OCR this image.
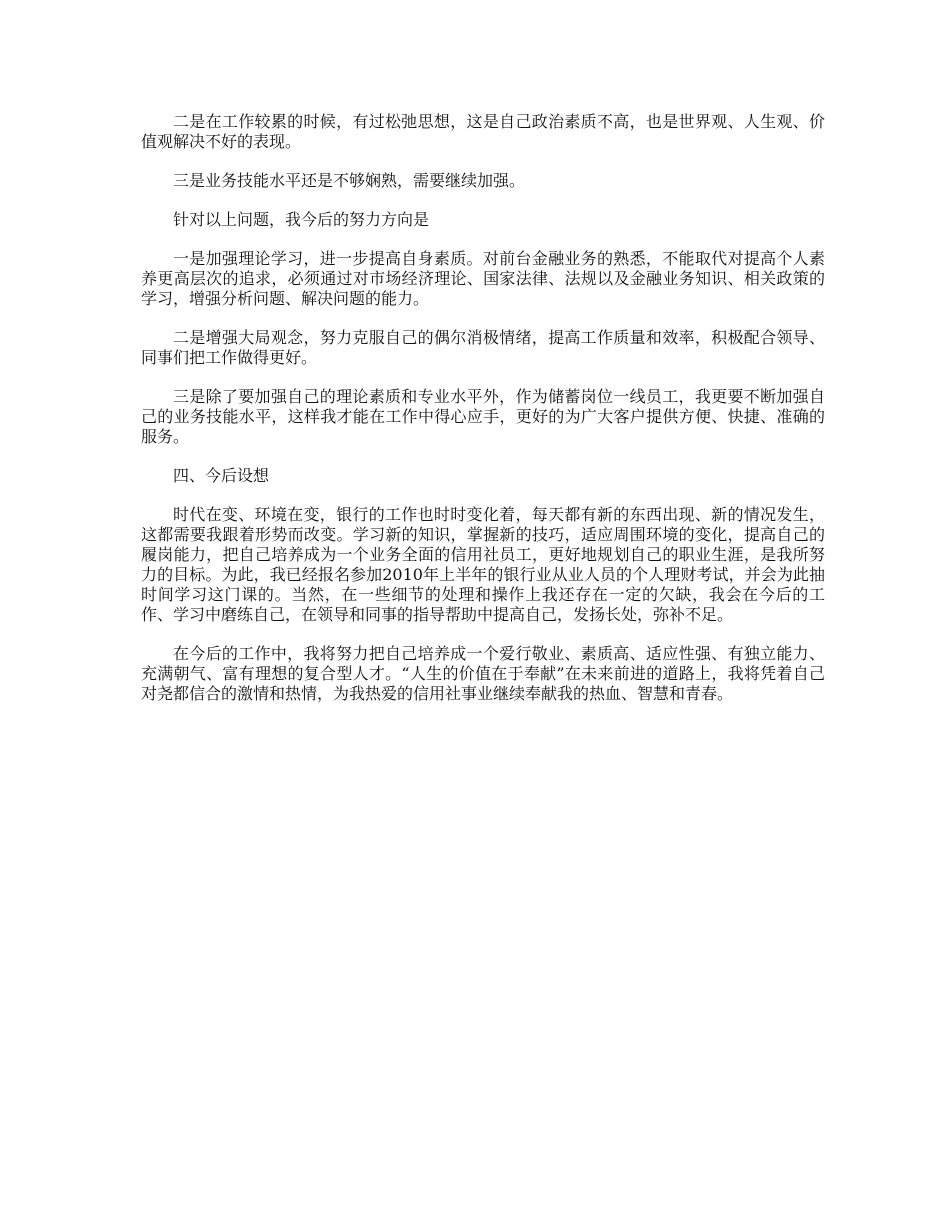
二是在工作较累的时候，有过松弛思想，这是自己政治素质不高，也是世界观、人生观、价值观解决不好的表现。

三是业务技能水平还是不够娴熟，需要继续加强。

针对以上问题，我今后的努力方向是

一是加强理论学习，进一步提高自身素质。对前台金融业务的熟悉，不能取代对提高个人素养更高层次的追求，必须通过对市场经济理论、国家法律、法规以及金融业务知识、相关政策的学习，增强分析问题、解决问题的能力。

二是增强大局观念，努力克服自己的偶尔消极情绪，提高工作质量和效率，积极配合领导、同事们把工作做得更好。

三是除了要加强自己的理论素质和专业水平外，作为储蓄岗位一线员工，我更要不断加强自己的业务技能水平，这样我才能在工作中得心应手，更好的为广大客户提供方便、快捷、准确的服务。

四、今后设想

时代在变、环境在变，银行的工作也时时变化着，每天都有新的东西出现、新的情况发生，这都需要我跟着形势而改变。学习新的知识，掌握新的技巧，适应周围环境的变化，提高自己的履岗能力，把自己培养成为一个业务全面的信用社员工，更好地规划自己的职业生涯，是我所努力的目标。为此，我已经报名参加2010年上半年的银行业从业人员的个人理财考试，并会为此抽时间学习这门课的。当然，在一些细节的处理和操作上我还存在一定的欠缺，我会在今后的工作、学习中磨练自己，在领导和同事的指导帮助中提高自己，发扬长处，弥补不足。

在今后的工作中，我将努力把自己培养成一个爱行敬业、素质高、适应性强、有独立能力、充满朝气、富有理想的复合型人才。“人生的价值在于奉献”在未来前进的道路上，我将凭着自己对尧都信合的激情和热情，为我热爱的信用社事业继续奉献我的热血、智慧和青春。
